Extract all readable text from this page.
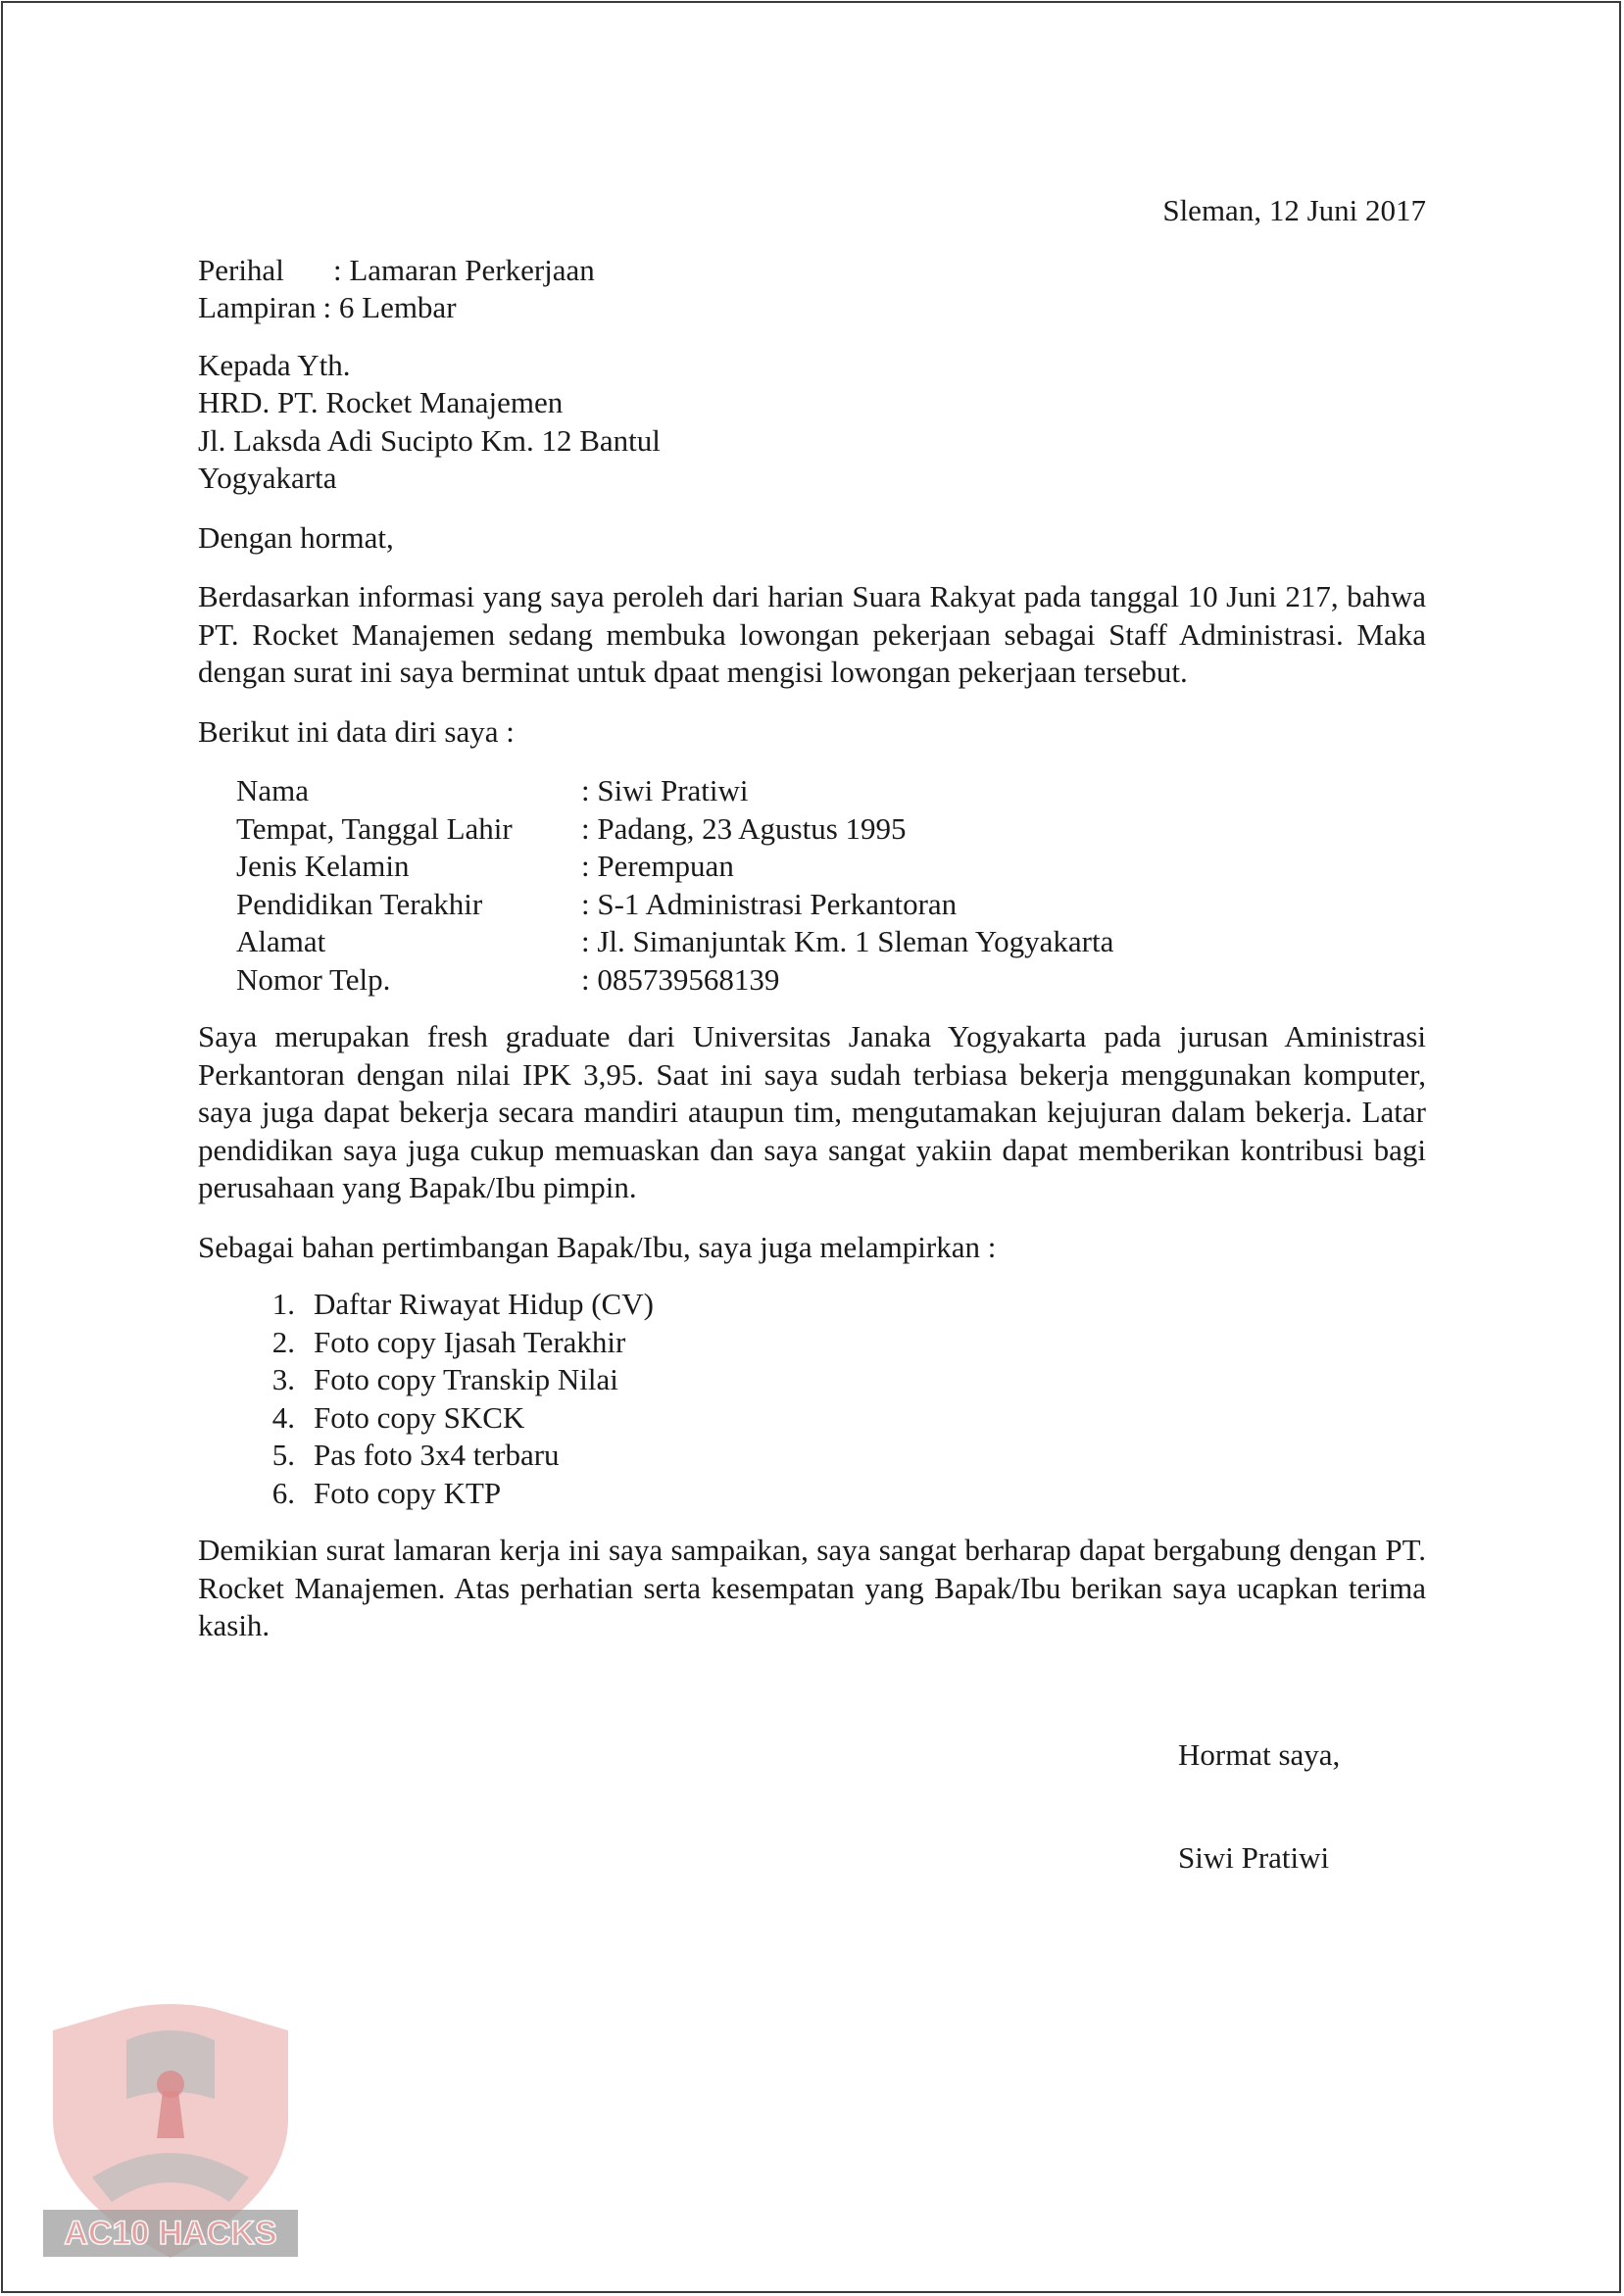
Sleman, 12 Juni 2017
Perihal	: Lamaran Perkerjaan
Lampiran : 6 Lembar
Kepada Yth.
HRD. PT. Rocket Manajemen
Jl. Laksda Adi Sucipto Km. 12 Bantul
Yogyakarta
Dengan hormat,
Berdasarkan informasi yang saya peroleh dari harian Suara Rakyat pada tanggal 10 Juni 217, bahwa PT. Rocket Manajemen sedang membuka lowongan pekerjaan sebagai Staff Administrasi. Maka dengan surat ini saya berminat untuk dpaat mengisi lowongan pekerjaan tersebut.
Berikut ini data diri saya :
Nama	: Siwi Pratiwi
Tempat, Tanggal Lahir	: Padang, 23 Agustus 1995
Jenis Kelamin	: Perempuan
Pendidikan Terakhir	: S-1 Administrasi Perkantoran
Alamat	: Jl. Simanjuntak Km. 1 Sleman Yogyakarta
Nomor Telp.	: 085739568139
Saya merupakan fresh graduate dari Universitas Janaka Yogyakarta pada jurusan Aministrasi Perkantoran dengan nilai IPK 3,95. Saat ini saya sudah terbiasa bekerja menggunakan komputer, saya juga dapat bekerja secara mandiri ataupun tim, mengutamakan kejujuran dalam bekerja. Latar pendidikan saya juga cukup memuaskan dan saya sangat yakiin dapat memberikan kontribusi bagi perusahaan yang Bapak/Ibu pimpin.
Sebagai bahan pertimbangan Bapak/Ibu, saya juga melampirkan :
1. Daftar Riwayat Hidup (CV)
2. Foto copy Ijasah Terakhir
3. Foto copy Transkip Nilai
4. Foto copy SKCK
5. Pas foto 3x4 terbaru
6. Foto copy KTP
Demikian surat lamaran kerja ini saya sampaikan, saya sangat berharap dapat bergabung dengan PT. Rocket Manajemen. Atas perhatian serta kesempatan yang Bapak/Ibu berikan saya ucapkan terima kasih.
Hormat saya,
Siwi Pratiwi
AC10 HACKS
